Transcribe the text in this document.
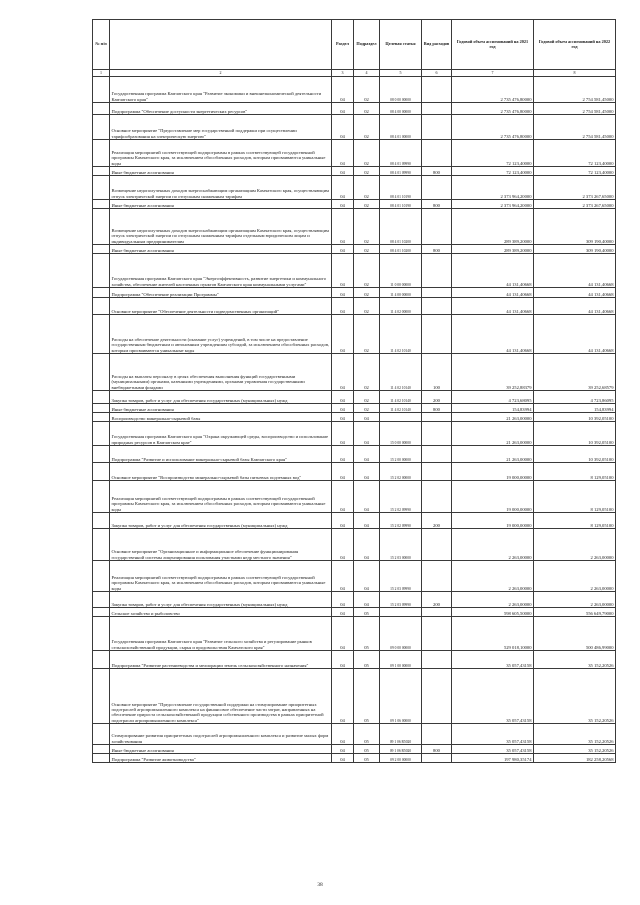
№ п/п		Раздел	Подраздел	Целевая статья	Вид расходов	Годовой объем ассигнований на 2021 год	Годовой объем ассигнований на 2022 год
1	2	3	4	5	6	7	8
	Государственная программа Камчатского края "Развитие экономики и внешнеэкономической деятельности Камчатского края"	04	02	08 0 00 00000		2 735 476,80000	2 754 581,45000
	Подпрограмма "Обеспечение доступности энергетических ресурсов"	04	02	08 4 00 00000		2 735 476,80000	2 754 581,45000
	Основное мероприятие "Предоставление мер государственной поддержки при осуществлении тарифообразования на электрическую энергию"	04	02	08 4 01 00000		2 735 476,80000	2 754 581,45000
	Реализация мероприятий соответствующей подпрограммы в рамках соответствующей государственной программы Камчатского края, за исключением обособленных расходов, которым присваиваются уникальные коды	04	02	08 4 01 09990		72 123,40000	72 123,40000
	Иные бюджетные ассигнования	04	02	08 4 01 09990	800	72 123,40000	72 123,40000
	Возмещение недополученных доходов энергоснабжающим организациям Камчатского края, осуществляющим отпуск электрической энергии по отпускным сниженным тарифам	04	02	08 4 01 10190		2 373 964,20000	2 373 267,65000
	Иные бюджетные ассигнования	04	02	08 4 01 10190	800	2 373 964,20000	2 373 267,65000
	Возмещение недополученных доходов энергоснабжающим организациям Камчатского края, осуществляющим отпуск электрической энергии по отпускным сниженным тарифам отдельным юридическим лицам и индивидуальным предпринимателям	04	02	08 4 01 10200		289 389,20000	309 190,40000
	Иные бюджетные ассигнования	04	02	08 4 01 10200	800	289 389,20000	309 190,40000
	Государственная программа Камчатского края "Энергоэффективность, развитие энергетики и коммунального хозяйства, обеспечение жителей населенных пунктов Камчатского края коммунальными услугами"	04	02	11 0 00 00000		44 131,40668	44 131,40668
	Подпрограмма "Обеспечение реализации Программы"	04	02	11 4 00 00000		44 131,40668	44 131,40668
	Основное мероприятие "Обеспечение деятельности подведомственных организаций"	04	02	11 4 02 00000		44 131,40668	44 131,40668
	Расходы на обеспечение деятельности (оказание услуг) учреждений, в том числе на предоставление государственным бюджетным и автономным учреждениям субсидий, за исключением обособленных расходов, которым присваиваются уникальные коды	04	02	11 4 02 10140		44 131,40668	44 131,40668
	Расходы на выплаты персоналу в целях обеспечения выполнения функций государственными (муниципальными) органами, казенными учреждениями, органами управления государственными внебюджетными фондами	04	02	11 4 02 10140	100	39 252,88379	39 252,68579
	Закупка товаров, работ и услуг для обеспечения государственных (муниципальных) нужд	04	02	11 4 02 10140	200	4 723,68095	4 723,86095
	Иные бюджетные ассигнования	04	02	11 4 02 10140	800	154,83994	154,83994
	Воспроизводство минерально-сырьевой базы	04	04			21 263,00000	10 392,05100
	Государственная программа Камчатского края "Охрана окружающей среды, воспроизводство и использование природных ресурсов в Камчатском крае"	04	04	15 0 00 00000		21 263,00000	10 392,05100
	Подпрограмма "Развитие и использование минерально-сырьевой базы Камчатского края"	04	04	15 2 00 00000		21 263,00000	10 392,05100
	Основное мероприятие "Воспроизводство минерально-сырьевой базы питьевых подземных вод"	04	04	15 2 02 00000		19 000,00000	8 129,05100
	Реализация мероприятий соответствующей подпрограммы в рамках соответствующей государственной программы Камчатского края, за исключением обособленных расходов, которым присваиваются уникальные коды	04	04	15 2 02 09990		19 000,00000	8 129,05100
	Закупка товаров, работ и услуг для обеспечения государственных (муниципальных) нужд	04	04	15 2 02 09990	200	19 000,00000	8 129,05100
	Основное мероприятие "Организационное и информационное обеспечение функционирования государственной системы лицензирования пользования участками недр местного значения"	04	04	15 2 03 00000		2 263,00000	2 263,00000
	Реализация мероприятий соответствующей подпрограммы в рамках соответствующей государственной программы Камчатского края, за исключением обособленных расходов, которым присваиваются уникальные коды	04	04	15 2 03 09990		2 263,00000	2 263,00000
	Закупка товаров, работ и услуг для обеспечения государственных (муниципальных) нужд	04	04	15 2 03 09990	200	2 263,00000	2 263,00000
	Сельское хозяйство и рыболовство	04	05			598 605,50000	556 649,79000
	Государственная программа Камчатского края "Развитие сельского хозяйства и регулирование рынков сельскохозяйственной продукции, сырья и продовольствия Камчатского края"	04	05	09 0 00 00000		529 018,10000	500 486,99000
	Подпрограмма "Развитие растениеводства и мелиорации земель сельскохозяйственного назначения"	04	05	09 1 00 00000		35 057,43158	35 152,20526
	Основное мероприятие "Предоставление государственной поддержки на стимулирование приоритетных подотраслей агропромышленного комплекса на финансовое обеспечение части затрат, направленных на обеспечение прироста сельскохозяйственной продукции собственного производства в рамках приоритетной подотрасли агропромышленного комплекса"	04	05	09 1 06 00000		35 057,43158	35 152,20526
	Стимулирование развития приоритетных подотраслей агропромышленного комплекса и развитие малых форм хозяйствования	04	05	09 1 06 R5020		35 057,43158	35 152,20526
	Иные бюджетные ассигнования	04	05	09 1 06 R5020	800	35 057,43158	35 152,20526
	Подпрограмма "Развитие животноводства"	04	05	09 2 00 00000		197 980,35174	182 258,20568
38
